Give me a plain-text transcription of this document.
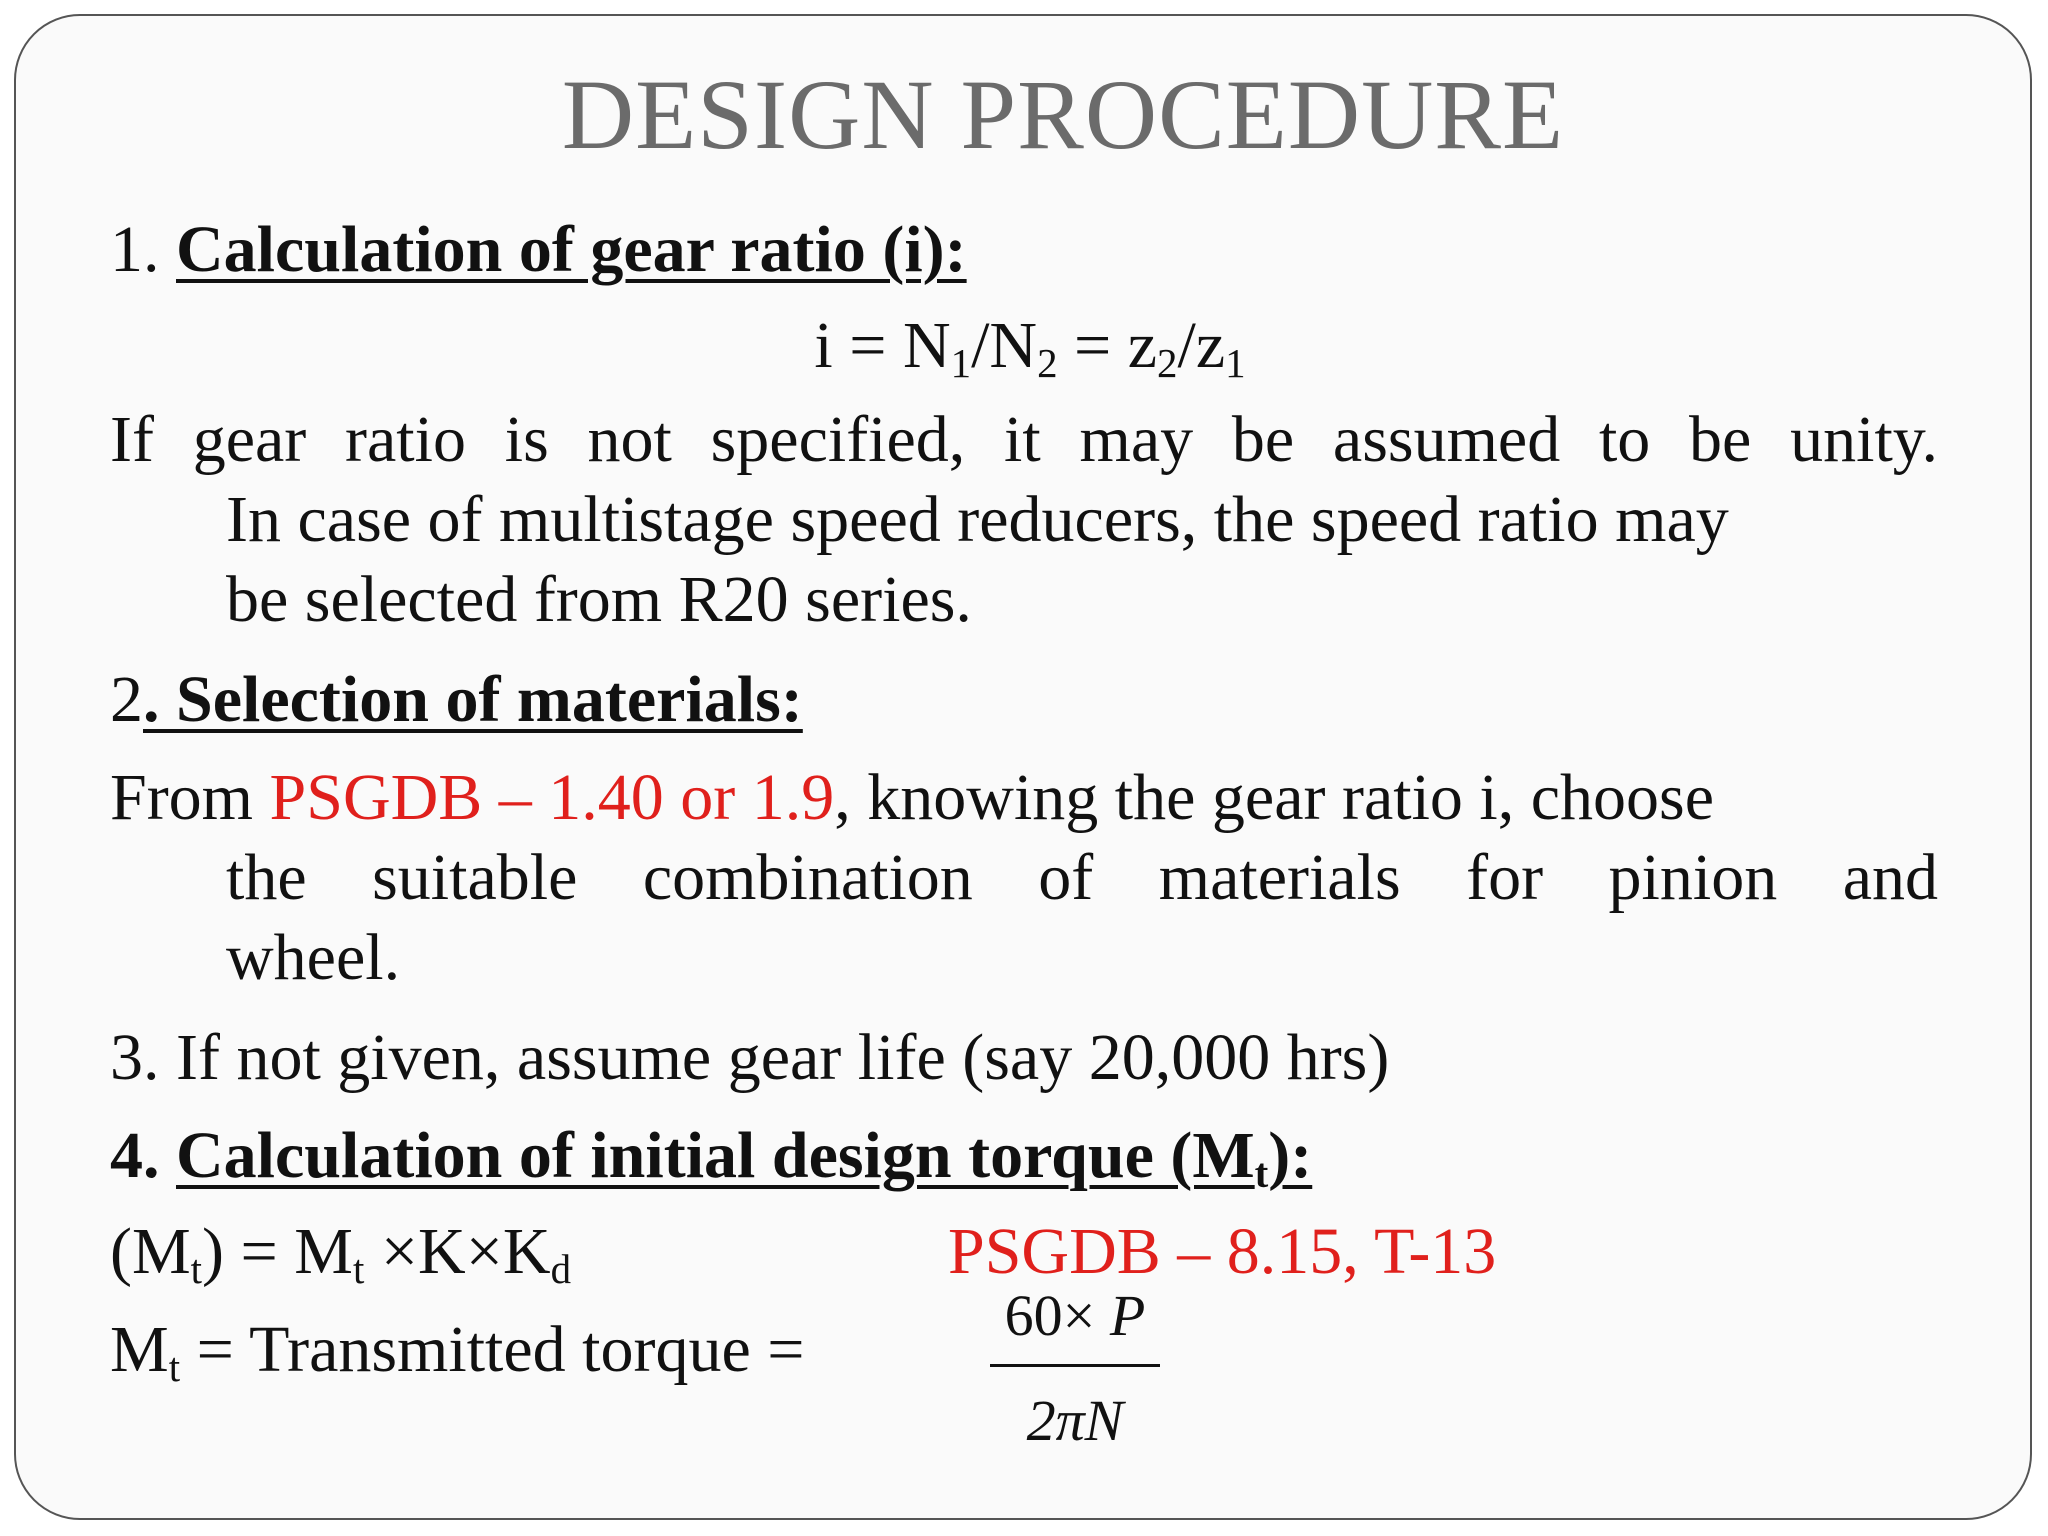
DESIGN PROCEDURE
1. Calculation of gear ratio (i):
$i = N_1/N_2 = z_2/z_1$
If gear ratio is not specified, it may be assumed to be unity.
In case of multistage speed reducers, the speed ratio may
be selected from R20 series.
2. Selection of materials:
From PSGDB – 1.40 or 1.9, knowing the gear ratio i, choose
the suitable combination of materials for pinion and
wheel.
3. If not given, assume gear life (say 20,000 hrs)
4. Calculation of initial design torque $(M_t)$:
$(M_t) = M_t \times K\times K_d$	PSGDB – 8.15, T-13
$M_t$ = Transmitted torque =	60× P
2πN
